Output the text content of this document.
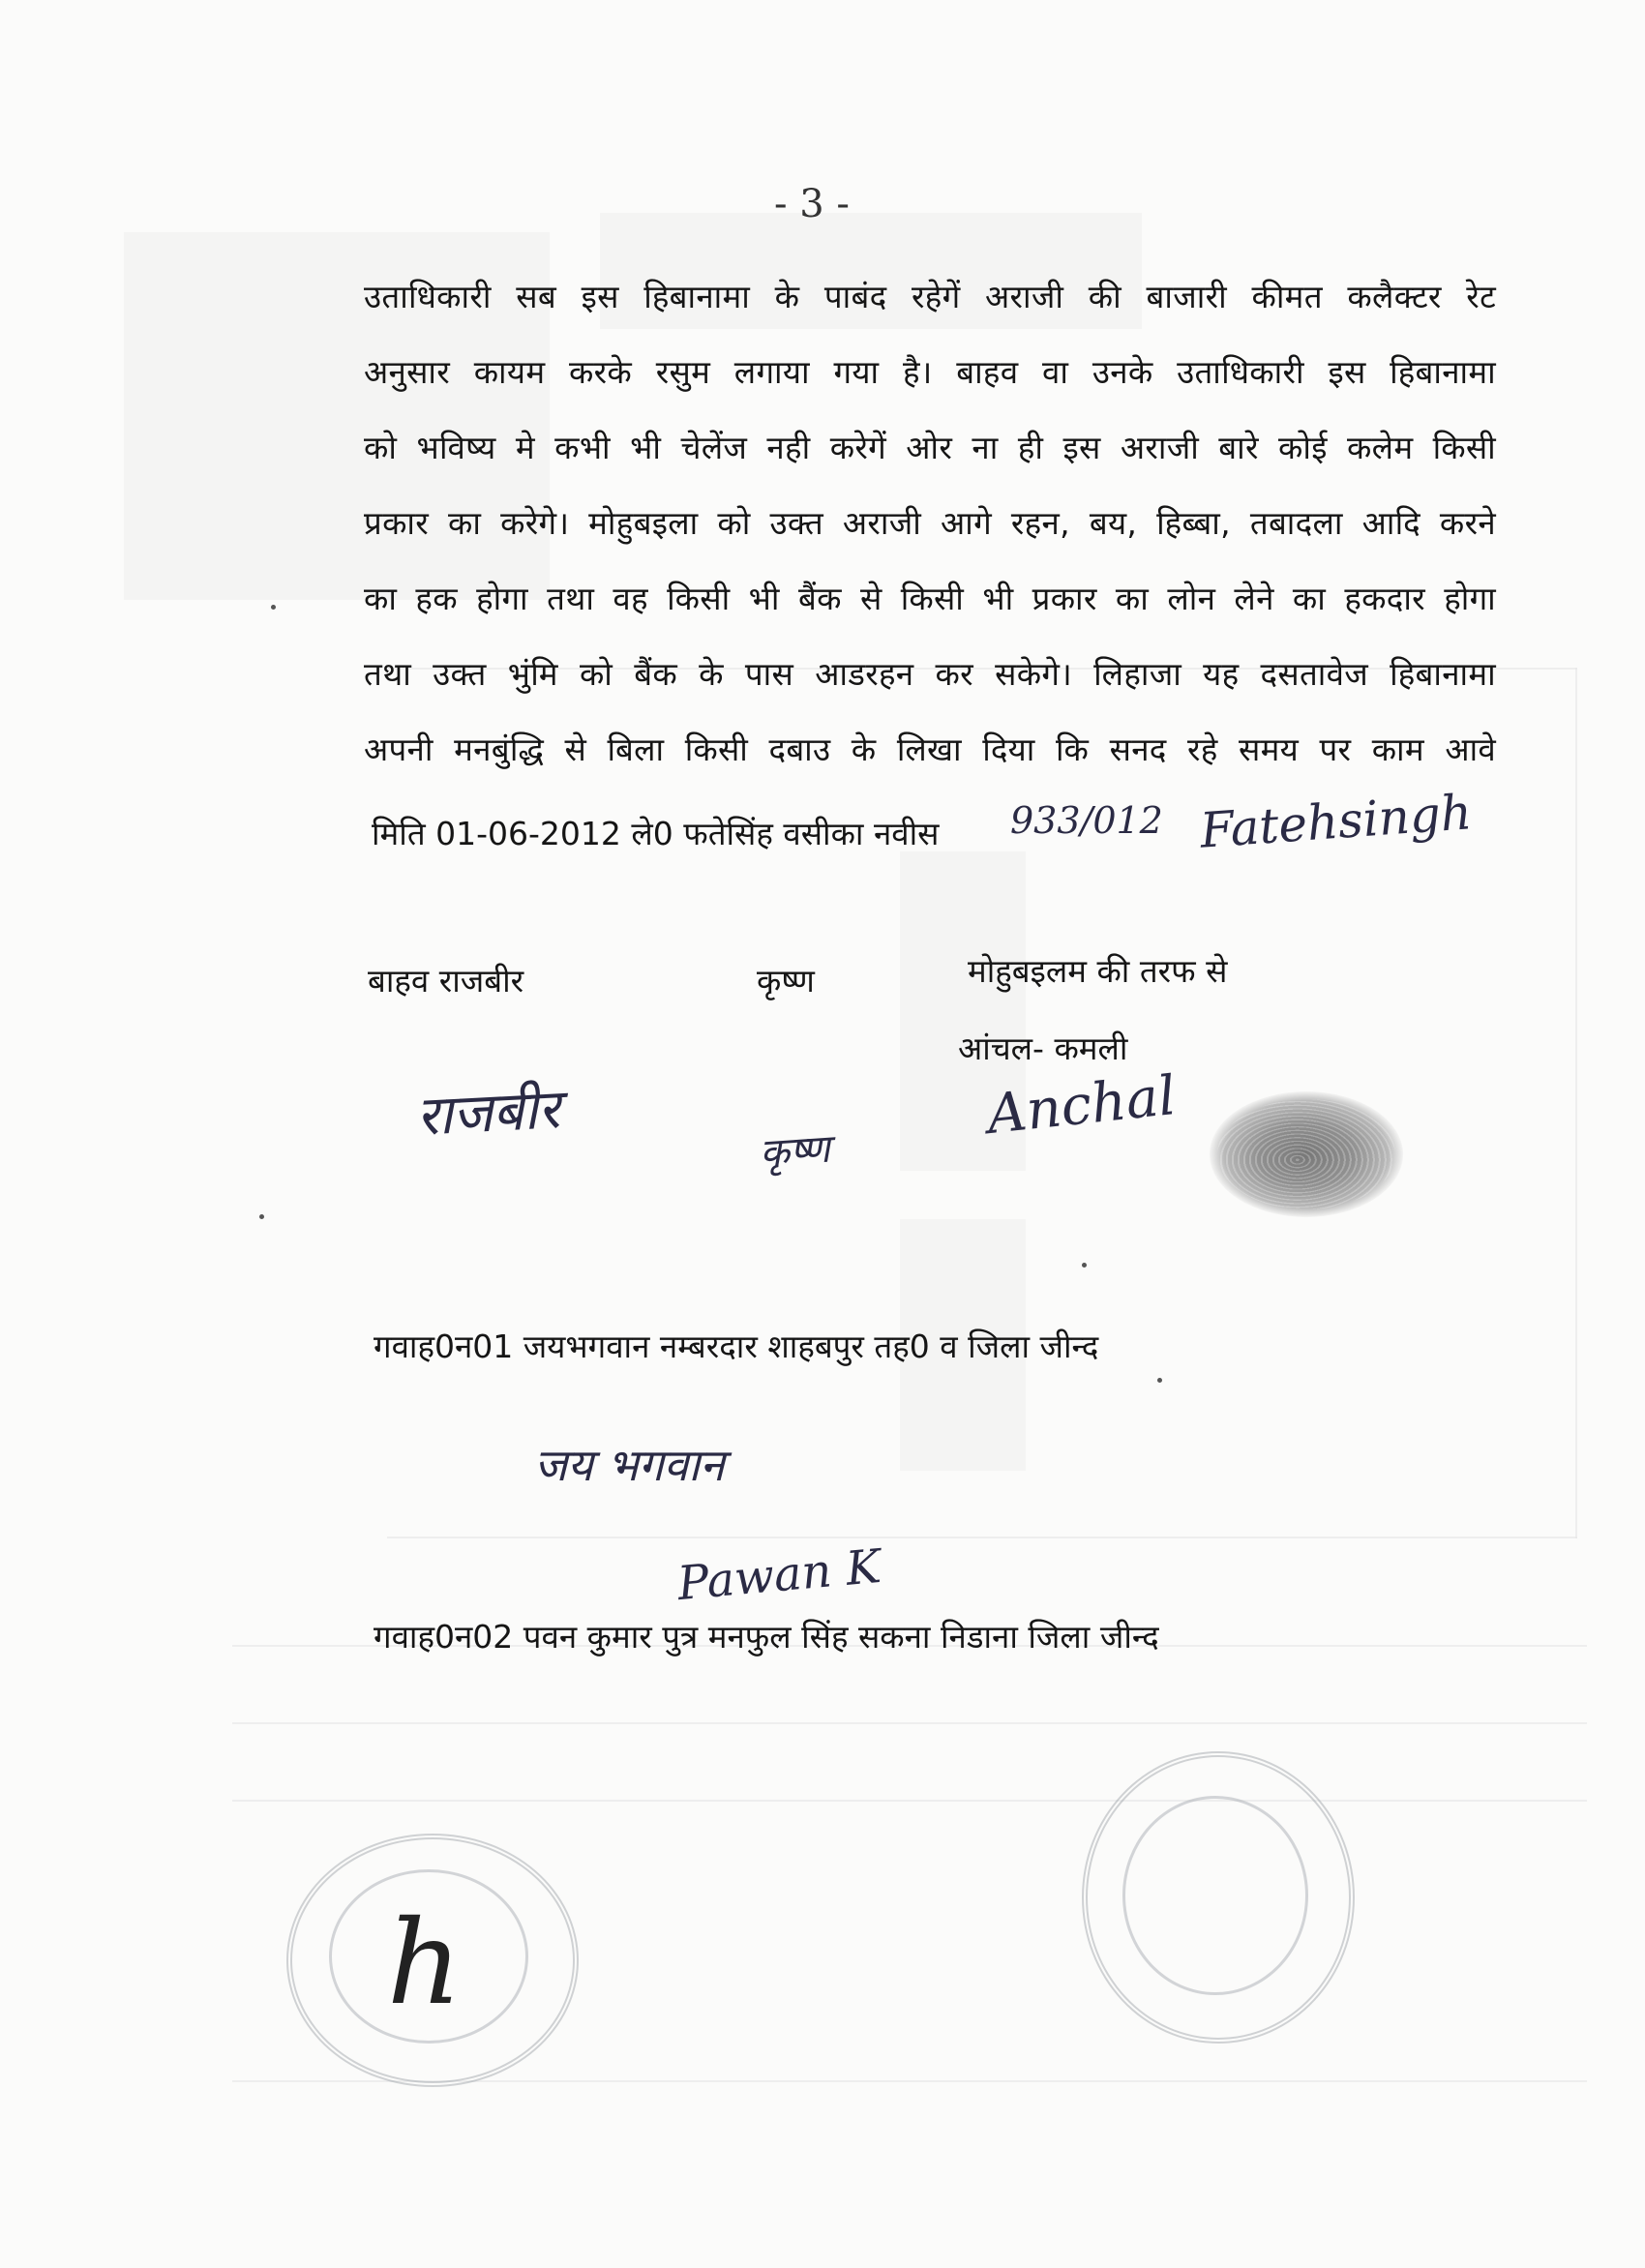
- 3 -
उताधिकारी सब इस हिबानामा के पाबंद रहेगें अराजी की बाजारी कीमत कलैक्टर रेट
अनुसार कायम करके रसुम लगाया गया है। बाहव वा उनके उताधिकारी इस हिबानामा
को भविष्य मे कभी भी चेलेंज नही करेगें ओर ना ही इस अराजी बारे कोई कलेम किसी
प्रकार का करेगे। मोहुबइला को उक्त अराजी आगे रहन, बय, हिब्बा, तबादला आदि करने
का हक होगा तथा वह किसी भी बैंक से किसी भी प्रकार का लोन लेने का हकदार होगा
तथा उक्त भुंमि को बैंक के पास आडरहन कर सकेगे। लिहाजा यह दसतावेज हिबानामा
अपनी मनबुंद्धि से बिला किसी दबाउ के लिखा दिया कि सनद रहे समय पर काम आवे
मिति 01-06-2012 ले0 फतेसिंह वसीका नवीस 933/012 Fatehsingh
बाहव राजबीर	कृष्ण	मोहुबइलम की तरफ से
आंचल- कमली
राजबीर
कृष्ण
Anchal
गवाह0न01 जयभगवान नम्बरदार शाहबपुर तह0 व जिला जीन्द
जय भगवान
Pawan K
गवाह0न02 पवन कुमार पुत्र मनफुल सिंह सकना निडाना जिला जीन्द
h
